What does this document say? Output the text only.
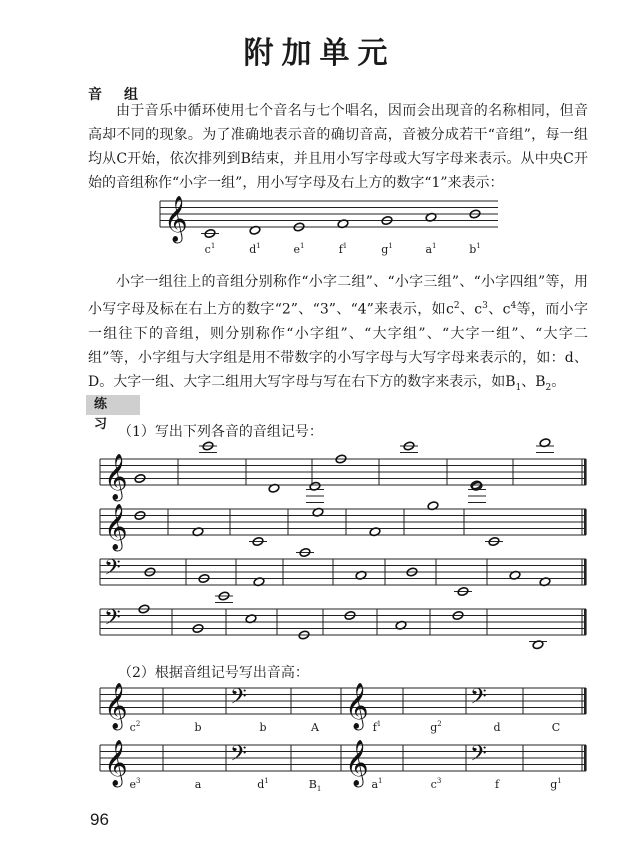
附加单元
音组

由于音乐中循环使用七个音名与七个唱名，因而会出现音的名称相同，但音高却不同的现象。为了准确地表示音的确切音高，音被分成若干“音组”，每一组均从C开始，依次排列到B结束，并且用小写字母或大写字母来表示。从中央C开始的音组称作“小字一组”，用小写字母及右上方的数字“1”来表示：

小字一组往上的音组分别称作“小字二组”、“小字三组”、“小字四组”等，用小写字母及标在右上方的数字“2”、“3”、“4”来表示，如$c^2$、$c^3$、$c^4$等，而小字一组往下的音组，则分别称作“小字组”、“大字组”、“大字一组”、“大字二组”等，小字组与大字组是用不带数字的小写字母与大写字母来表示的，如：d、D。大字一组、大字二组用大写字母与写在右下方的数字来表示，如$B_1$、$B_2$。

练习
（1）写出下列各音的音组记号：
（2）根据音组记号写出音高：
𝄞
$c^1$	$d^1$	$e^1$	$f^1$	$g^1$	$a^1$	$b^1$
𝄞
𝄞
𝄢
𝄢
𝄞	𝄢 𝄞	𝄢
$c^2$	b	b	A	$f^1$	$g^2$	d	C
𝄞	𝄢 𝄞	𝄢
$e^3$	a	$d^1$	$B_1$	$a^1$	$c^3$	f	$g^1$
96
